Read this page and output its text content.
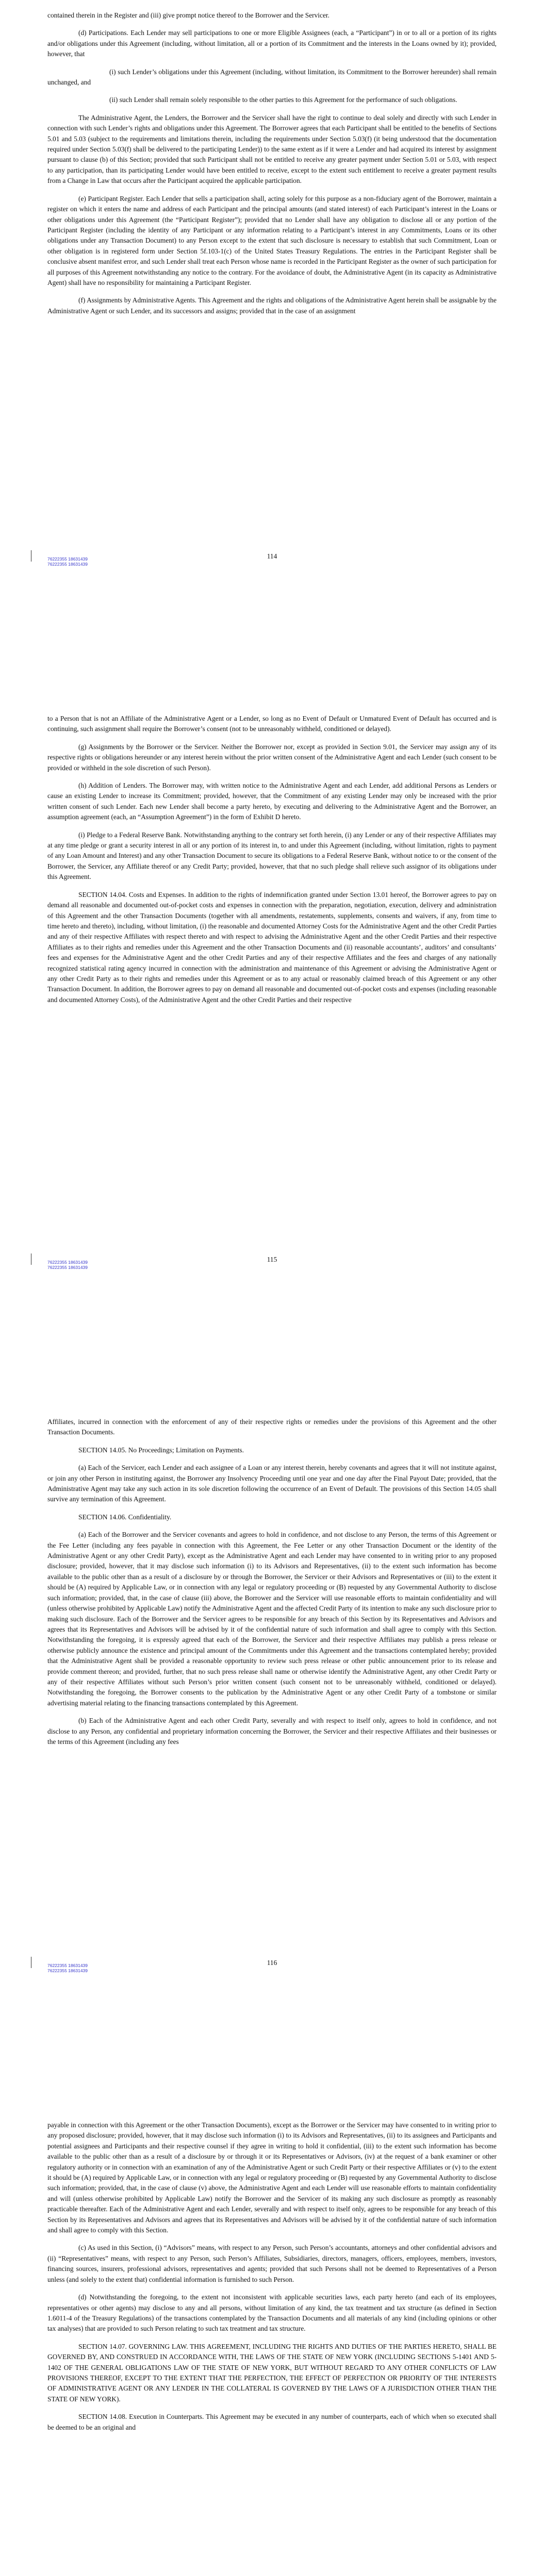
contained therein in the Register and (iii) give prompt notice thereof to the Borrower and the Servicer.

(d) Participations. Each Lender may sell participations to one or more Eligible Assignees (each, a “Participant”) in or to all or a portion of its rights and/or obligations under this Agreement (including, without limitation, all or a portion of its Commitment and the interests in the Loans owned by it); provided, however, that

(i) such Lender’s obligations under this Agreement (including, without limitation, its Commitment to the Borrower hereunder) shall remain unchanged, and

(ii) such Lender shall remain solely responsible to the other parties to this Agreement for the performance of such obligations.

The Administrative Agent, the Lenders, the Borrower and the Servicer shall have the right to continue to deal solely and directly with such Lender in connection with such Lender’s rights and obligations under this Agreement. The Borrower agrees that each Participant shall be entitled to the benefits of Sections 5.01 and 5.03 (subject to the requirements and limitations therein, including the requirements under Section 5.03(f) (it being understood that the documentation required under Section 5.03(f) shall be delivered to the participating Lender)) to the same extent as if it were a Lender and had acquired its interest by assignment pursuant to clause (b) of this Section; provided that such Participant shall not be entitled to receive any greater payment under Section 5.01 or 5.03, with respect to any participation, than its participating Lender would have been entitled to receive, except to the extent such entitlement to receive a greater payment results from a Change in Law that occurs after the Participant acquired the applicable participation.

(e) Participant Register. Each Lender that sells a participation shall, acting solely for this purpose as a non-fiduciary agent of the Borrower, maintain a register on which it enters the name and address of each Participant and the principal amounts (and stated interest) of each Participant’s interest in the Loans or other obligations under this Agreement (the “Participant Register”); provided that no Lender shall have any obligation to disclose all or any portion of the Participant Register (including the identity of any Participant or any information relating to a Participant’s interest in any Commitments, Loans or its other obligations under any Transaction Document) to any Person except to the extent that such disclosure is necessary to establish that such Commitment, Loan or other obligation is in registered form under Section 5f.103-1(c) of the United States Treasury Regulations. The entries in the Participant Register shall be conclusive absent manifest error, and such Lender shall treat each Person whose name is recorded in the Participant Register as the owner of such participation for all purposes of this Agreement notwithstanding any notice to the contrary. For the avoidance of doubt, the Administrative Agent (in its capacity as Administrative Agent) shall have no responsibility for maintaining a Participant Register.

(f) Assignments by Administrative Agents. This Agreement and the rights and obligations of the Administrative Agent herein shall be assignable by the Administrative Agent or such Lender, and its successors and assigns; provided that in the case of an assignment

114
76222355 18631439
76222355 18631439

to a Person that is not an Affiliate of the Administrative Agent or a Lender, so long as no Event of Default or Unmatured Event of Default has occurred and is continuing, such assignment shall require the Borrower’s consent (not to be unreasonably withheld, conditioned or delayed).

(g) Assignments by the Borrower or the Servicer. Neither the Borrower nor, except as provided in Section 9.01, the Servicer may assign any of its respective rights or obligations hereunder or any interest herein without the prior written consent of the Administrative Agent and each Lender (such consent to be provided or withheld in the sole discretion of such Person).

(h) Addition of Lenders. The Borrower may, with written notice to the Administrative Agent and each Lender, add additional Persons as Lenders or cause an existing Lender to increase its Commitment; provided, however, that the Commitment of any existing Lender may only be increased with the prior written consent of such Lender. Each new Lender shall become a party hereto, by executing and delivering to the Administrative Agent and the Borrower, an assumption agreement (each, an “Assumption Agreement”) in the form of Exhibit D hereto.

(i) Pledge to a Federal Reserve Bank. Notwithstanding anything to the contrary set forth herein, (i) any Lender or any of their respective Affiliates may at any time pledge or grant a security interest in all or any portion of its interest in, to and under this Agreement (including, without limitation, rights to payment of any Loan Amount and Interest) and any other Transaction Document to secure its obligations to a Federal Reserve Bank, without notice to or the consent of the Borrower, the Servicer, any Affiliate thereof or any Credit Party; provided, however, that that no such pledge shall relieve such assignor of its obligations under this Agreement.

SECTION 14.04. Costs and Expenses. In addition to the rights of indemnification granted under Section 13.01 hereof, the Borrower agrees to pay on demand all reasonable and documented out-of-pocket costs and expenses in connection with the preparation, negotiation, execution, delivery and administration of this Agreement and the other Transaction Documents (together with all amendments, restatements, supplements, consents and waivers, if any, from time to time hereto and thereto), including, without limitation, (i) the reasonable and documented Attorney Costs for the Administrative Agent and the other Credit Parties and any of their respective Affiliates with respect thereto and with respect to advising the Administrative Agent and the other Credit Parties and their respective Affiliates as to their rights and remedies under this Agreement and the other Transaction Documents and (ii) reasonable accountants’, auditors’ and consultants’ fees and expenses for the Administrative Agent and the other Credit Parties and any of their respective Affiliates and the fees and charges of any nationally recognized statistical rating agency incurred in connection with the administration and maintenance of this Agreement or advising the Administrative Agent or any other Credit Party as to their rights and remedies under this Agreement or as to any actual or reasonably claimed breach of this Agreement or any other Transaction Document. In addition, the Borrower agrees to pay on demand all reasonable and documented out-of-pocket costs and expenses (including reasonable and documented Attorney Costs), of the Administrative Agent and the other Credit Parties and their respective

115
76222355 18631439
76222355 18631439

Affiliates, incurred in connection with the enforcement of any of their respective rights or remedies under the provisions of this Agreement and the other Transaction Documents.

SECTION 14.05. No Proceedings; Limitation on Payments.

(a) Each of the Servicer, each Lender and each assignee of a Loan or any interest therein, hereby covenants and agrees that it will not institute against, or join any other Person in instituting against, the Borrower any Insolvency Proceeding until one year and one day after the Final Payout Date; provided, that the Administrative Agent may take any such action in its sole discretion following the occurrence of an Event of Default. The provisions of this Section 14.05 shall survive any termination of this Agreement.

SECTION 14.06. Confidentiality.

(a) Each of the Borrower and the Servicer covenants and agrees to hold in confidence, and not disclose to any Person, the terms of this Agreement or the Fee Letter (including any fees payable in connection with this Agreement, the Fee Letter or any other Transaction Document or the identity of the Administrative Agent or any other Credit Party), except as the Administrative Agent and each Lender may have consented to in writing prior to any proposed disclosure; provided, however, that it may disclose such information (i) to its Advisors and Representatives, (ii) to the extent such information has become available to the public other than as a result of a disclosure by or through the Borrower, the Servicer or their Advisors and Representatives or (iii) to the extent it should be (A) required by Applicable Law, or in connection with any legal or regulatory proceeding or (B) requested by any Governmental Authority to disclose such information; provided, that, in the case of clause (iii) above, the Borrower and the Servicer will use reasonable efforts to maintain confidentiality and will (unless otherwise prohibited by Applicable Law) notify the Administrative Agent and the affected Credit Party of its intention to make any such disclosure prior to making such disclosure. Each of the Borrower and the Servicer agrees to be responsible for any breach of this Section by its Representatives and Advisors and agrees that its Representatives and Advisors will be advised by it of the confidential nature of such information and shall agree to comply with this Section. Notwithstanding the foregoing, it is expressly agreed that each of the Borrower, the Servicer and their respective Affiliates may publish a press release or otherwise publicly announce the existence and principal amount of the Commitments under this Agreement and the transactions contemplated hereby; provided that the Administrative Agent shall be provided a reasonable opportunity to review such press release or other public announcement prior to its release and provide comment thereon; and provided, further, that no such press release shall name or otherwise identify the Administrative Agent, any other Credit Party or any of their respective Affiliates without such Person’s prior written consent (such consent not to be unreasonably withheld, conditioned or delayed). Notwithstanding the foregoing, the Borrower consents to the publication by the Administrative Agent or any other Credit Party of a tombstone or similar advertising material relating to the financing transactions contemplated by this Agreement.

(b) Each of the Administrative Agent and each other Credit Party, severally and with respect to itself only, agrees to hold in confidence, and not disclose to any Person, any confidential and proprietary information concerning the Borrower, the Servicer and their respective Affiliates and their businesses or the terms of this Agreement (including any fees

116
76222355 18631439
76222355 18631439

payable in connection with this Agreement or the other Transaction Documents), except as the Borrower or the Servicer may have consented to in writing prior to any proposed disclosure; provided, however, that it may disclose such information (i) to its Advisors and Representatives, (ii) to its assignees and Participants and potential assignees and Participants and their respective counsel if they agree in writing to hold it confidential, (iii) to the extent such information has become available to the public other than as a result of a disclosure by or through it or its Representatives or Advisors, (iv) at the request of a bank examiner or other regulatory authority or in connection with an examination of any of the Administrative Agent or such Credit Party or their respective Affiliates or (v) to the extent it should be (A) required by Applicable Law, or in connection with any legal or regulatory proceeding or (B) requested by any Governmental Authority to disclose such information; provided, that, in the case of clause (v) above, the Administrative Agent and each Lender will use reasonable efforts to maintain confidentiality and will (unless otherwise prohibited by Applicable Law) notify the Borrower and the Servicer of its making any such disclosure as promptly as reasonably practicable thereafter. Each of the Administrative Agent and each Lender, severally and with respect to itself only, agrees to be responsible for any breach of this Section by its Representatives and Advisors and agrees that its Representatives and Advisors will be advised by it of the confidential nature of such information and shall agree to comply with this Section.

(c) As used in this Section, (i) “Advisors” means, with respect to any Person, such Person’s accountants, attorneys and other confidential advisors and (ii) “Representatives” means, with respect to any Person, such Person’s Affiliates, Subsidiaries, directors, managers, officers, employees, members, investors, financing sources, insurers, professional advisors, representatives and agents; provided that such Persons shall not be deemed to Representatives of a Person unless (and solely to the extent that) confidential information is furnished to such Person.

(d) Notwithstanding the foregoing, to the extent not inconsistent with applicable securities laws, each party hereto (and each of its employees, representatives or other agents) may disclose to any and all persons, without limitation of any kind, the tax treatment and tax structure (as defined in Section 1.6011-4 of the Treasury Regulations) of the transactions contemplated by the Transaction Documents and all materials of any kind (including opinions or other tax analyses) that are provided to such Person relating to such tax treatment and tax structure.

SECTION 14.07. GOVERNING LAW. THIS AGREEMENT, INCLUDING THE RIGHTS AND DUTIES OF THE PARTIES HERETO, SHALL BE GOVERNED BY, AND CONSTRUED IN ACCORDANCE WITH, THE LAWS OF THE STATE OF NEW YORK (INCLUDING SECTIONS 5-1401 AND 5-1402 OF THE GENERAL OBLIGATIONS LAW OF THE STATE OF NEW YORK, BUT WITHOUT REGARD TO ANY OTHER CONFLICTS OF LAW PROVISIONS THEREOF, EXCEPT TO THE EXTENT THAT THE PERFECTION, THE EFFECT OF PERFECTION OR PRIORITY OF THE INTERESTS OF ADMINISTRATIVE AGENT OR ANY LENDER IN THE COLLATERAL IS GOVERNED BY THE LAWS OF A JURISDICTION OTHER THAN THE STATE OF NEW YORK).

SECTION 14.08. Execution in Counterparts. This Agreement may be executed in any number of counterparts, each of which when so executed shall be deemed to be an original and
